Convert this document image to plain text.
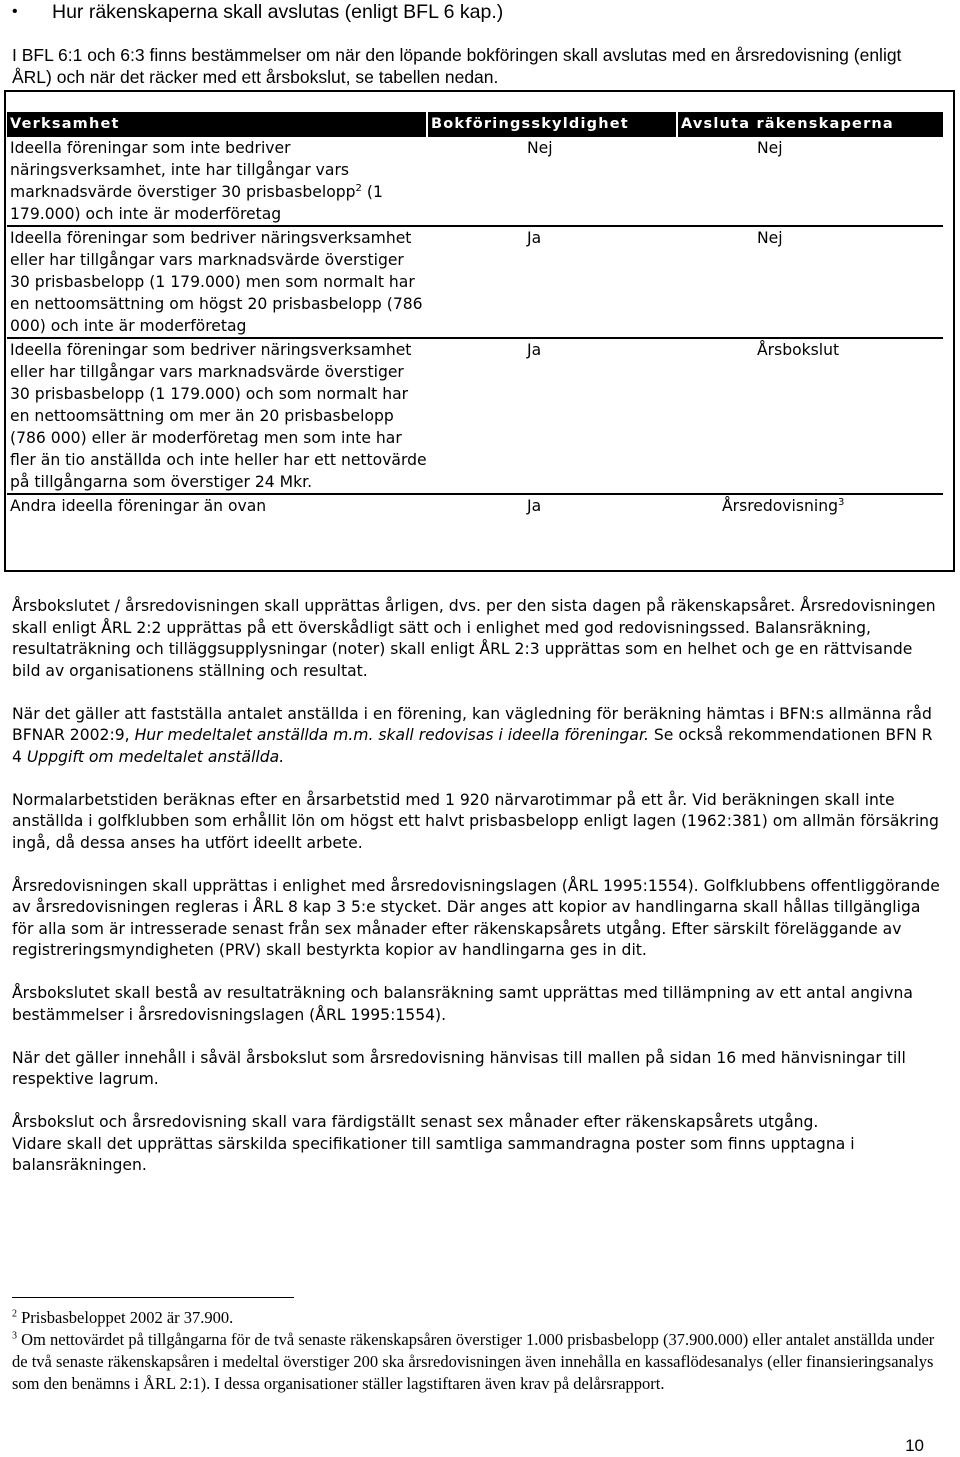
• Hur räkenskaperna skall avslutas (enligt BFL 6 kap.)
I BFL 6:1 och 6:3 finns bestämmelser om när den löpande bokföringen skall avslutas med en årsredovisning (enligt ÅRL) och när det räcker med ett årsbokslut, se tabellen nedan.
Verksamhet	Bokföringsskyldighet	Avsluta räkenskaperna
Ideella föreningar som inte bedriver näringsverksamhet, inte har tillgångar vars marknadsvärde överstiger 30 prisbasbelopp$^2$ (1 179.000) och inte är moderföretag	Nej	Nej
Ideella föreningar som bedriver näringsverksamhet eller har tillgångar vars marknadsvärde överstiger 30 prisbasbelopp (1 179.000) men som normalt har en nettoomsättning om högst 20 prisbasbelopp (786 000) och inte är moderföretag	Ja	Nej
Ideella föreningar som bedriver näringsverksamhet eller har tillgångar vars marknadsvärde överstiger 30 prisbasbelopp (1 179.000) och som normalt har en nettoomsättning om mer än 20 prisbasbelopp (786 000) eller är moderföretag men som inte har fler än tio anställda och inte heller har ett nettovärde på tillgångarna som överstiger 24 Mkr.	Ja	Årsbokslut
Andra ideella föreningar än ovan	Ja	Årsredovisning$^3$

Årsbokslutet / årsredovisningen skall upprättas årligen, dvs. per den sista dagen på räkenskapsåret. Årsredovisningen skall enligt ÅRL 2:2 upprättas på ett överskådligt sätt och i enlighet med god redovisningssed. Balansräkning, resultaträkning och tilläggsupplysningar (noter) skall enligt ÅRL 2:3 upprättas som en helhet och ge en rättvisande bild av organisationens ställning och resultat.

När det gäller att fastställa antalet anställda i en förening, kan vägledning för beräkning hämtas i BFN:s allmänna råd BFNAR 2002:9, Hur medeltalet anställda m.m. skall redovisas i ideella föreningar. Se också rekommendationen BFN R 4 Uppgift om medeltalet anställda.

Normalarbetstiden beräknas efter en årsarbetstid med 1 920 närvarotimmar på ett år. Vid beräkningen skall inte anställda i golfklubben som erhållit lön om högst ett halvt prisbasbelopp enligt lagen (1962:381) om allmän försäkring ingå, då dessa anses ha utfört ideellt arbete.

Årsredovisningen skall upprättas i enlighet med årsredovisningslagen (ÅRL 1995:1554). Golfklubbens offentliggörande av årsredovisningen regleras i ÅRL 8 kap 3 5:e stycket. Där anges att kopior av handlingarna skall hållas tillgängliga för alla som är intresserade senast från sex månader efter räkenskapsårets utgång. Efter särskilt föreläggande av registreringsmyndigheten (PRV) skall bestyrkta kopior av handlingarna ges in dit.

Årsbokslutet skall bestå av resultaträkning och balansräkning samt upprättas med tillämpning av ett antal angivna bestämmelser i årsredovisningslagen (ÅRL 1995:1554).

När det gäller innehåll i såväl årsbokslut som årsredovisning hänvisas till mallen på sidan 16 med hänvisningar till respektive lagrum.

Årsbokslut och årsredovisning skall vara färdigställt senast sex månader efter räkenskapsårets utgång.

Vidare skall det upprättas särskilda specifikationer till samtliga sammandragna poster som finns upptagna i balansräkningen.

$^2$ Prisbasbeloppet 2002 är 37.900.

$^3$ Om nettovärdet på tillgångarna för de två senaste räkenskapsåren överstiger 1.000 prisbasbelopp (37.900.000) eller antalet anställda under de två senaste räkenskapsåren i medeltal överstiger 200 ska årsredovisningen även innehålla en kassaflödesanalys (eller finansieringsanalys som den benämns i ÅRL 2:1). I dessa organisationer ställer lagstiftaren även krav på delårsrapport.

10
